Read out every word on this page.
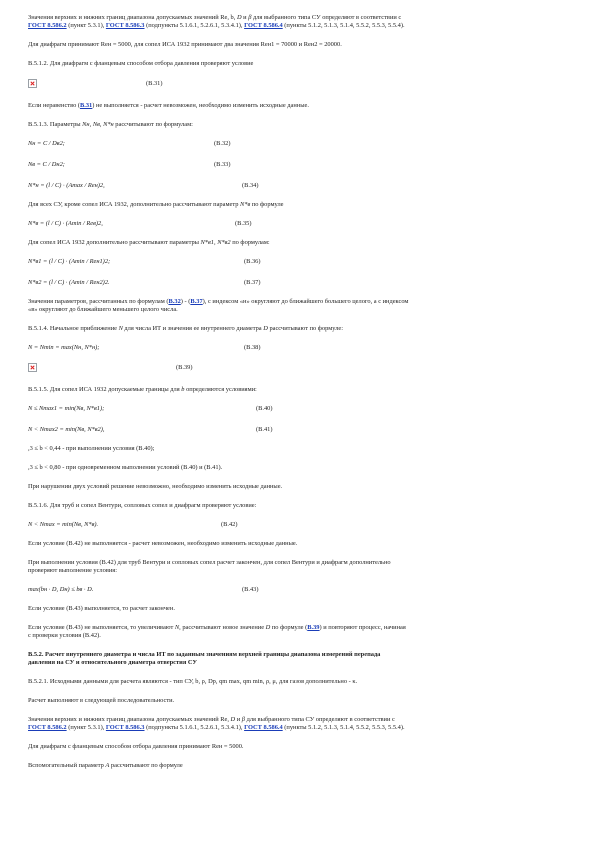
Значения верхних и нижних границ диапазона допускаемых значений Re, b, D и β для выбранного типа СУ определяют в соответствии с
ГОСТ 8.586.2 (пункт 5.3.1), ГОСТ 8.586.3 (подпункты 5.1.6.1, 5.2.6.1, 5.3.4.1), ГОСТ 8.586.4 (пункты 5.1.2, 5.1.3, 5.1.4, 5.5.2, 5.5.3, 5.5.4).

Для диафрагм принимают Re⁠н = 5000, для сопел ИСА 1932 принимают два значения Re⁠н1 = 70000 и Re⁠н2 = 20000.

В.5.1.2. Для диафрагм с фланцевым способом отбора давления проверяют условие

(В.31)

Если неравенство (В.31) не выполняется - расчет невозможен, необходимо изменить исходные данные.

В.5.1.3. Параметры Nн, Nв, N*н рассчитывают по формулам:

Nн = C / Dв2;	(В.32)
Nв = C / Dн2;	(В.33)
N*н = (l / C) · (Amax / Reн)2,	(В.34)

Для всех СУ, кроме сопел ИСА 1932, дополнительно рассчитывают параметр N*в по формуле

N*в = (l / C) · (Amin / Reв)2,	(В.35)

Для сопел ИСА 1932 дополнительно рассчитывают параметры N*в1, N*в2 по формулам:

N*в1 = (l / C) · (Amin / Reн1)2;	(В.36)
N*в2 = (l / C) · (Amin / Reн2)2.	(В.37)

Значения параметров, рассчитанных по формулам (В.32) - (В.37), с индексом «н» округляют до ближайшего большего целого, а с индексом
«в» округляют до ближайшего меньшего целого числа.

В.5.1.4. Начальное приближение N для числа ИТ и значения ее внутреннего диаметра D рассчитывают по формуле:

N = Nmin = max(Nн, N*н);	(В.38)
(В.39)

В.5.1.5. Для сопел ИСА 1932 допускаемые границы для b определяются условиями:

N ≤ Nmax1 = min(Nв, N*в1);	(В.40)
N < Nmax2 = min(Nв, N*в2),	(В.41)

,3 ≤ b < 0,44 - при выполнении условия (В.40);

,3 ≤ b < 0,80 - при одновременном выполнении условий (В.40) и (В.41).

При нарушении двух условий решение невозможно, необходимо изменить исходные данные.

В.5.1.6. Для труб и сопел Вентури, сопловых сопел и диафрагм проверяют условие:

N < Nmax = min(Nв, N*в).	(В.42)

Если условие (В.42) не выполняется - расчет невозможен, необходимо изменить исходные данные.

При выполнении условия (В.42) для труб Вентури и сопловых сопел расчет закончен, для сопел Вентури и диафрагм дополнительно
проверяют выполнение условия:

max(bн · D, Dн) ≤ bв · D.	(В.43)

Если условие (В.43) выполняется, то расчет закончен.

Если условие (В.43) не выполняется, то увеличивают N, рассчитывают новое значение D по формуле (В.39) и повторяют процесс, начиная
с проверки условия (В.42).

В.5.2. Расчет внутреннего диаметра и числа ИТ по заданным значениям верхней границы диапазона измерений перепада
давления на СУ и относительного диаметра отверстия СУ

В.5.2.1. Исходными данными для расчета являются - тип СУ, b, ρ, Dp, qm max, qm min, ρ, μ, для газов дополнительно - κ.

Расчет выполняют в следующей последовательности.

Значения верхних и нижних границ диапазона допускаемых значений Re, D и β для выбранного типа СУ определяют в соответствии с
ГОСТ 8.586.2 (пункт 5.3.1), ГОСТ 8.586.3 (подпункты 5.1.6.1, 5.2.6.1, 5.3.4.1), ГОСТ 8.586.4 (пункты 5.1.2, 5.1.3, 5.1.4, 5.5.2, 5.5.3, 5.5.4).

Для диафрагм с фланцевым способом отбора давления принимают Re⁠н = 5000.

Вспомогательный параметр A рассчитывают по формуле
